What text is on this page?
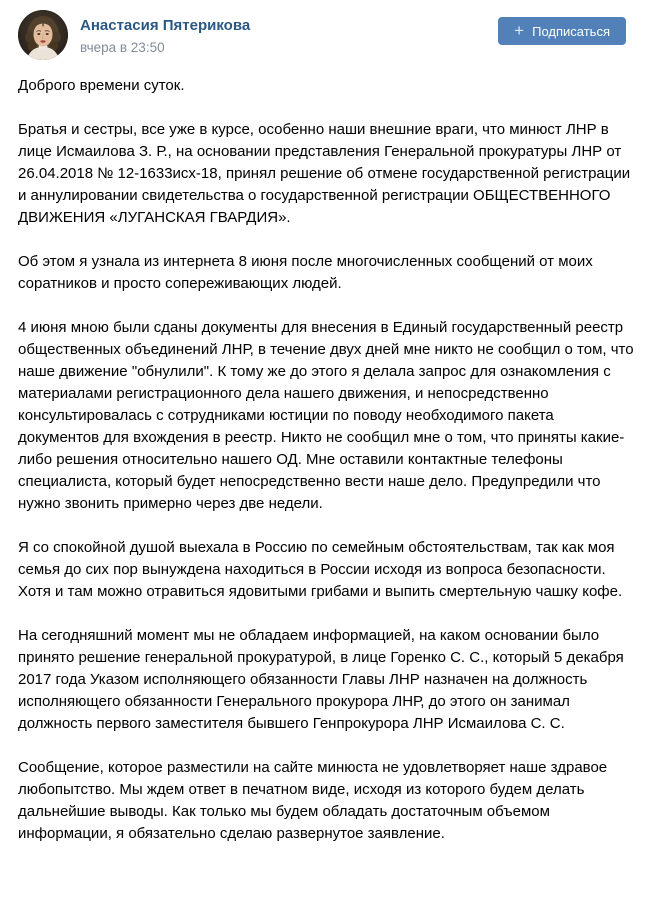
Анастасия Пятерикова
вчера в 23:50
+ Подписаться

Доброго времени суток.

Братья и сестры, все уже в курсе, особенно наши внешние враги, что минюст ЛНР в лице Исмаилова З. Р., на основании представления Генеральной прокуратуры ЛНР от 26.04.2018 № 12-1633исх-18, принял решение об отмене государственной регистрации и аннулировании свидетельства о государственной регистрации ОБЩЕСТВЕННОГО ДВИЖЕНИЯ «ЛУГАНСКАЯ ГВАРДИЯ».

Об этом я узнала из интернета 8 июня после многочисленных сообщений от моих соратников и просто сопереживающих людей.

4 июня мною были сданы документы для внесения в Единый государственный реестр общественных объединений ЛНР, в течение двух дней мне никто не сообщил о том, что наше движение "обнулили". К тому же до этого я делала запрос для ознакомления с материалами регистрационного дела нашего движения, и непосредственно консультировалась с сотрудниками юстиции по поводу необходимого пакета документов для вхождения в реестр. Никто не сообщил мне о том, что приняты какие-либо решения относительно нашего ОД. Мне оставили контактные телефоны специалиста, который будет непосредственно вести наше дело. Предупредили что нужно звонить примерно через две недели.

Я со спокойной душой выехала в Россию по семейным обстоятельствам, так как моя семья до сих пор вынуждена находиться в России исходя из вопроса безопасности. Хотя и там можно отравиться ядовитыми грибами и выпить смертельную чашку кофе.

На сегодняшний момент мы не обладаем информацией, на каком основании было принято решение генеральной прокуратурой, в лице Горенко С. С., который 5 декабря 2017 года Указом исполняющего обязанности Главы ЛНР назначен на должность исполняющего обязанности Генерального прокурора ЛНР, до этого он занимал должность первого заместителя бывшего Генпрокурора ЛНР Исмаилова С. С.

Сообщение, которое разместили на сайте минюста не удовлетворяет наше здравое любопытство. Мы ждем ответ в печатном виде, исходя из которого будем делать дальнейшие выводы. Как только мы будем обладать достаточным объемом информации, я обязательно сделаю развернутое заявление.
